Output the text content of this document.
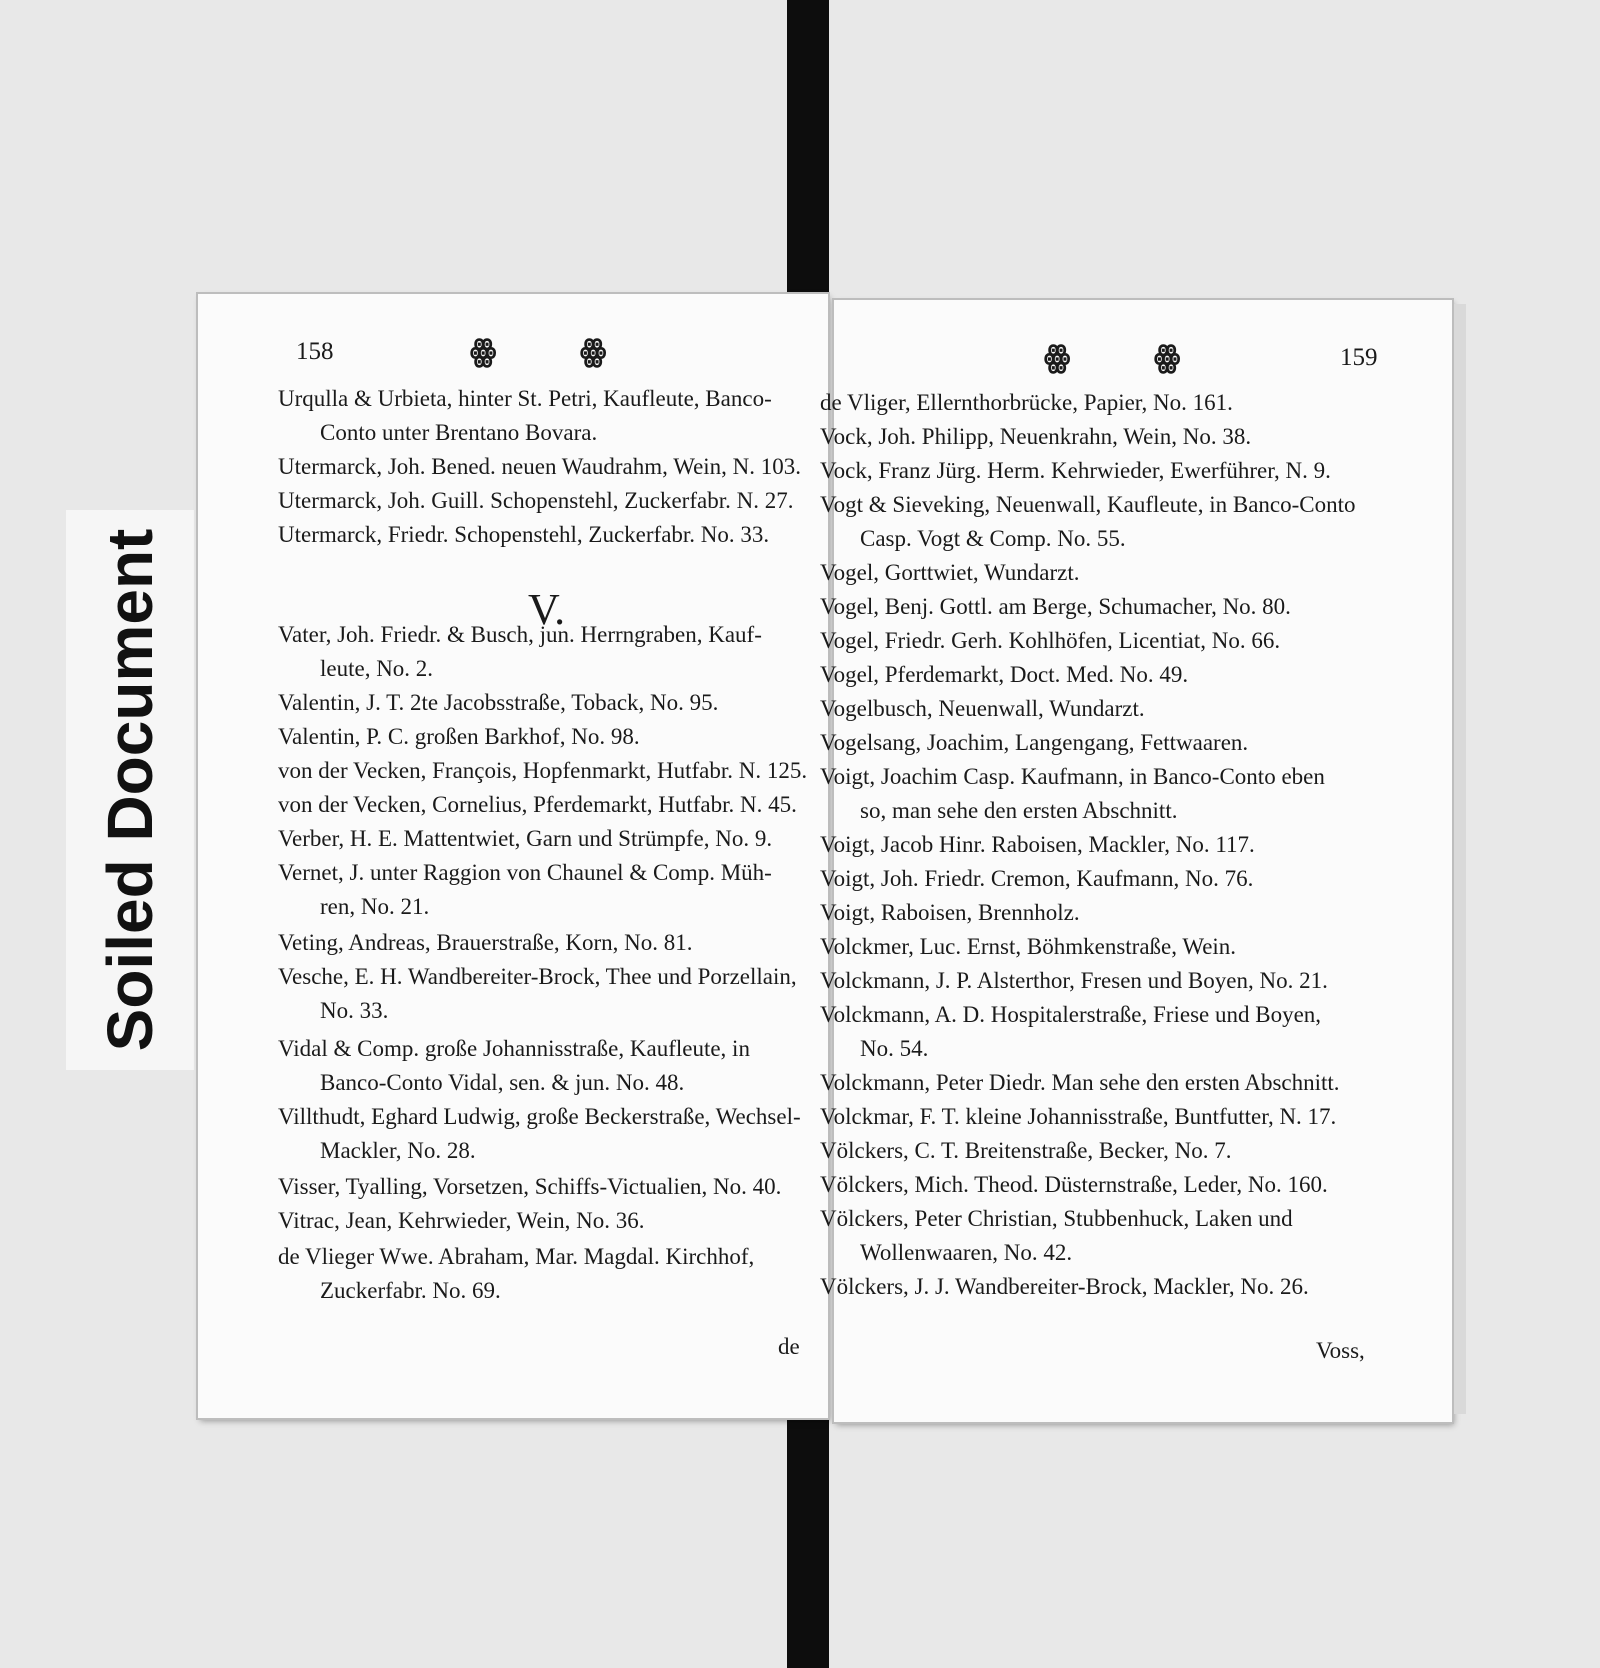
Soiled Document
158	ꙮ	ꙮ
Urqulla & Urbieta, hinter St. Petri, Kaufleute, Banco-
Conto unter Brentano Bovara.
Utermarck, Joh. Bened. neuen Waudrahm, Wein, N. 103.
Utermarck, Joh. Guill. Schopenstehl, Zuckerfabr. N. 27.
Utermarck, Friedr. Schopenstehl, Zuckerfabr. No. 33.
Vater, Joh. Friedr. & Busch, jun. Herrngraben, Kauf-
leute, No. 2.
Valentin, J. T. 2te Jacobsstraße, Toback, No. 95.
Valentin, P. C. großen Barkhof, No. 98.
von der Vecken, François, Hopfenmarkt, Hutfabr. N. 125.
von der Vecken, Cornelius, Pferdemarkt, Hutfabr. N. 45.
Verber, H. E. Mattentwiet, Garn und Strümpfe, No. 9.
Vernet, J. unter Raggion von Chaunel & Comp. Müh-
ren, No. 21.
Veting, Andreas, Brauerstraße, Korn, No. 81.
Vesche, E. H. Wandbereiter-Brock, Thee und Porzellain,
No. 33.
Vidal & Comp. große Johannisstraße, Kaufleute, in
Banco-Conto Vidal, sen. & jun. No. 48.
Villthudt, Eghard Ludwig, große Beckerstraße, Wechsel-
Mackler, No. 28.
Visser, Tyalling, Vorsetzen, Schiffs-Victualien, No. 40.
Vitrac, Jean, Kehrwieder, Wein, No. 36.
de Vlieger Wwe. Abraham, Mar. Magdal. Kirchhof,
Zuckerfabr. No. 69.
V.
de
ꙮ	ꙮ	159
de Vliger, Ellernthorbrücke, Papier, No. 161.
Vock, Joh. Philipp, Neuenkrahn, Wein, No. 38.
Vock, Franz Jürg. Herm. Kehrwieder, Ewerführer, N. 9.
Vogt & Sieveking, Neuenwall, Kaufleute, in Banco-Conto
Casp. Vogt & Comp. No. 55.
Vogel, Gorttwiet, Wundarzt.
Vogel, Benj. Gottl. am Berge, Schumacher, No. 80.
Vogel, Friedr. Gerh. Kohlhöfen, Licentiat, No. 66.
Vogel, Pferdemarkt, Doct. Med. No. 49.
Vogelbusch, Neuenwall, Wundarzt.
Vogelsang, Joachim, Langengang, Fettwaaren.
Voigt, Joachim Casp. Kaufmann, in Banco-Conto eben
so, man sehe den ersten Abschnitt.
Voigt, Jacob Hinr. Raboisen, Mackler, No. 117.
Voigt, Joh. Friedr. Cremon, Kaufmann, No. 76.
Voigt, Raboisen, Brennholz.
Volckmer, Luc. Ernst, Böhmkenstraße, Wein.
Volckmann, J. P. Alsterthor, Fresen und Boyen, No. 21.
Volckmann, A. D. Hospitalerstraße, Friese und Boyen,
No. 54.
Volckmann, Peter Diedr. Man sehe den ersten Abschnitt.
Volckmar, F. T. kleine Johannisstraße, Buntfutter, N. 17.
Völckers, C. T. Breitenstraße, Becker, No. 7.
Völckers, Mich. Theod. Düsternstraße, Leder, No. 160.
Völckers, Peter Christian, Stubbenhuck, Laken und
Wollenwaaren, No. 42.
Völckers, J. J. Wandbereiter-Brock, Mackler, No. 26.
Voss,
